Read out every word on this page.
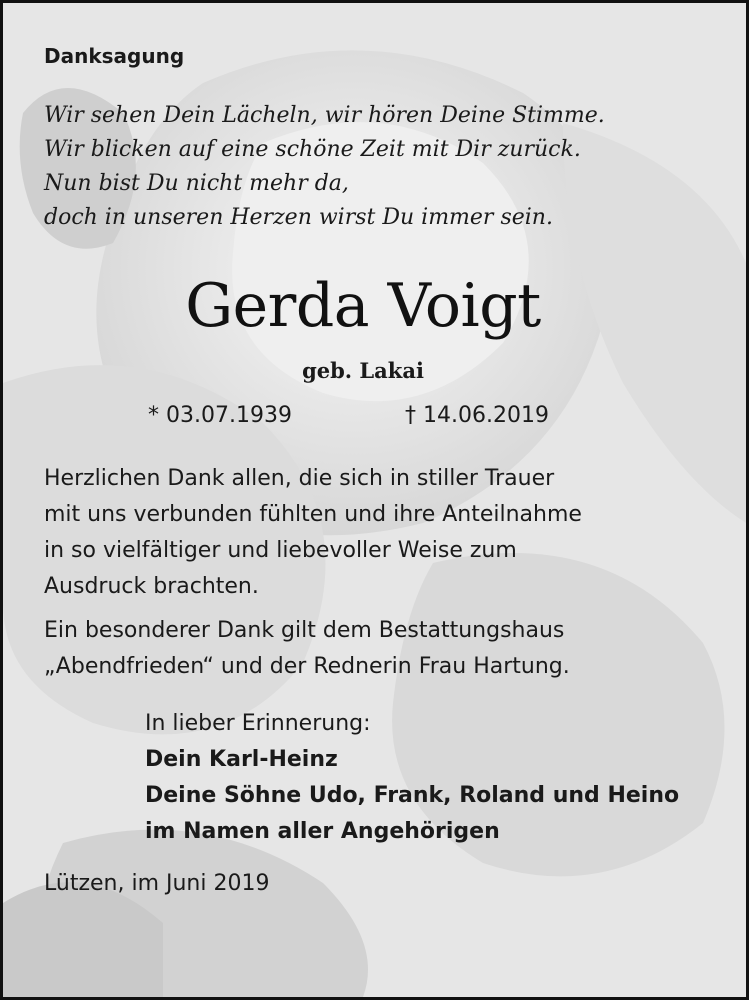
Danksagung
Wir sehen Dein Lächeln, wir hören Deine Stimme.
Wir blicken auf eine schöne Zeit mit Dir zurück.
Nun bist Du nicht mehr da,
doch in unseren Herzen wirst Du immer sein.
Gerda Voigt
geb. Lakai
* 03.07.1939	† 14.06.2019
Herzlichen Dank allen, die sich in stiller Trauer
mit uns verbunden fühlten und ihre Anteilnahme
in so vielfältiger und liebevoller Weise zum
Ausdruck brachten.
Ein besonderer Dank gilt dem Bestattungshaus
„Abendfrieden“ und der Rednerin Frau Hartung.
In lieber Erinnerung:
Dein Karl-Heinz
Deine Söhne Udo, Frank, Roland und Heino
im Namen aller Angehörigen
Lützen, im Juni 2019
